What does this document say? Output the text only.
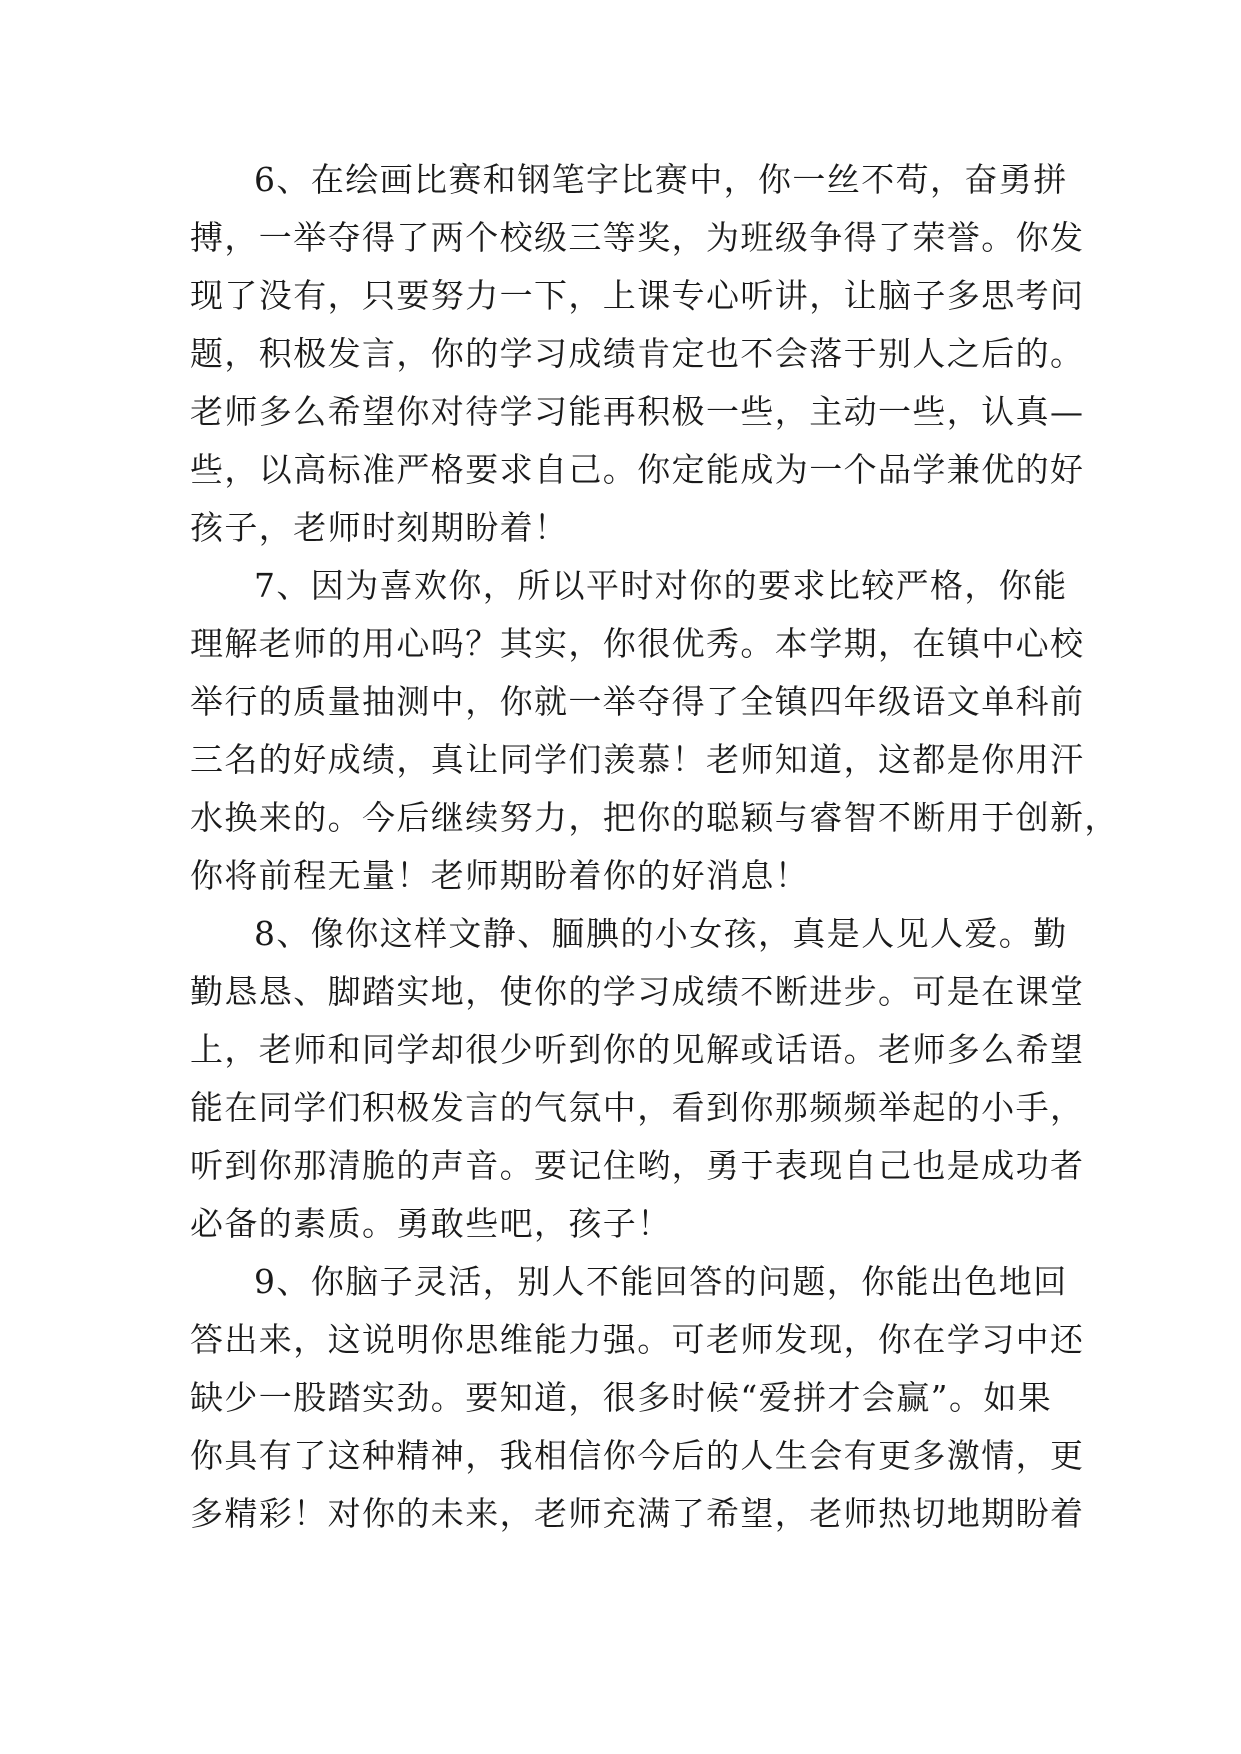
6、在绘画比赛和钢笔字比赛中，你一丝不苟，奋勇拼
搏，一举夺得了两个校级三等奖，为班级争得了荣誉。你发
现了没有，只要努力一下，上课专心听讲，让脑子多思考问
题，积极发言，你的学习成绩肯定也不会落于别人之后的。
老师多么希望你对待学习能再积极一些，主动一些，认真—
些，以高标准严格要求自己。你定能成为一个品学兼优的好
孩子，老师时刻期盼着！
7、因为喜欢你，所以平时对你的要求比较严格，你能
理解老师的用心吗？其实，你很优秀。本学期，在镇中心校
举行的质量抽测中，你就一举夺得了全镇四年级语文单科前
三名的好成绩，真让同学们羡慕！老师知道，这都是你用汗
水换来的。今后继续努力，把你的聪颖与睿智不断用于创新，
你将前程无量！老师期盼着你的好消息！
8、像你这样文静、腼腆的小女孩，真是人见人爱。勤
勤恳恳、脚踏实地，使你的学习成绩不断进步。可是在课堂
上，老师和同学却很少听到你的见解或话语。老师多么希望
能在同学们积极发言的气氛中，看到你那频频举起的小手，
听到你那清脆的声音。要记住哟，勇于表现自己也是成功者
必备的素质。勇敢些吧，孩子！
9、你脑子灵活，别人不能回答的问题，你能出色地回
答出来，这说明你思维能力强。可老师发现，你在学习中还
缺少一股踏实劲。要知道，很多时候“爱拼才会赢”。如果
你具有了这种精神，我相信你今后的人生会有更多激情，更
多精彩！对你的未来，老师充满了希望，老师热切地期盼着
